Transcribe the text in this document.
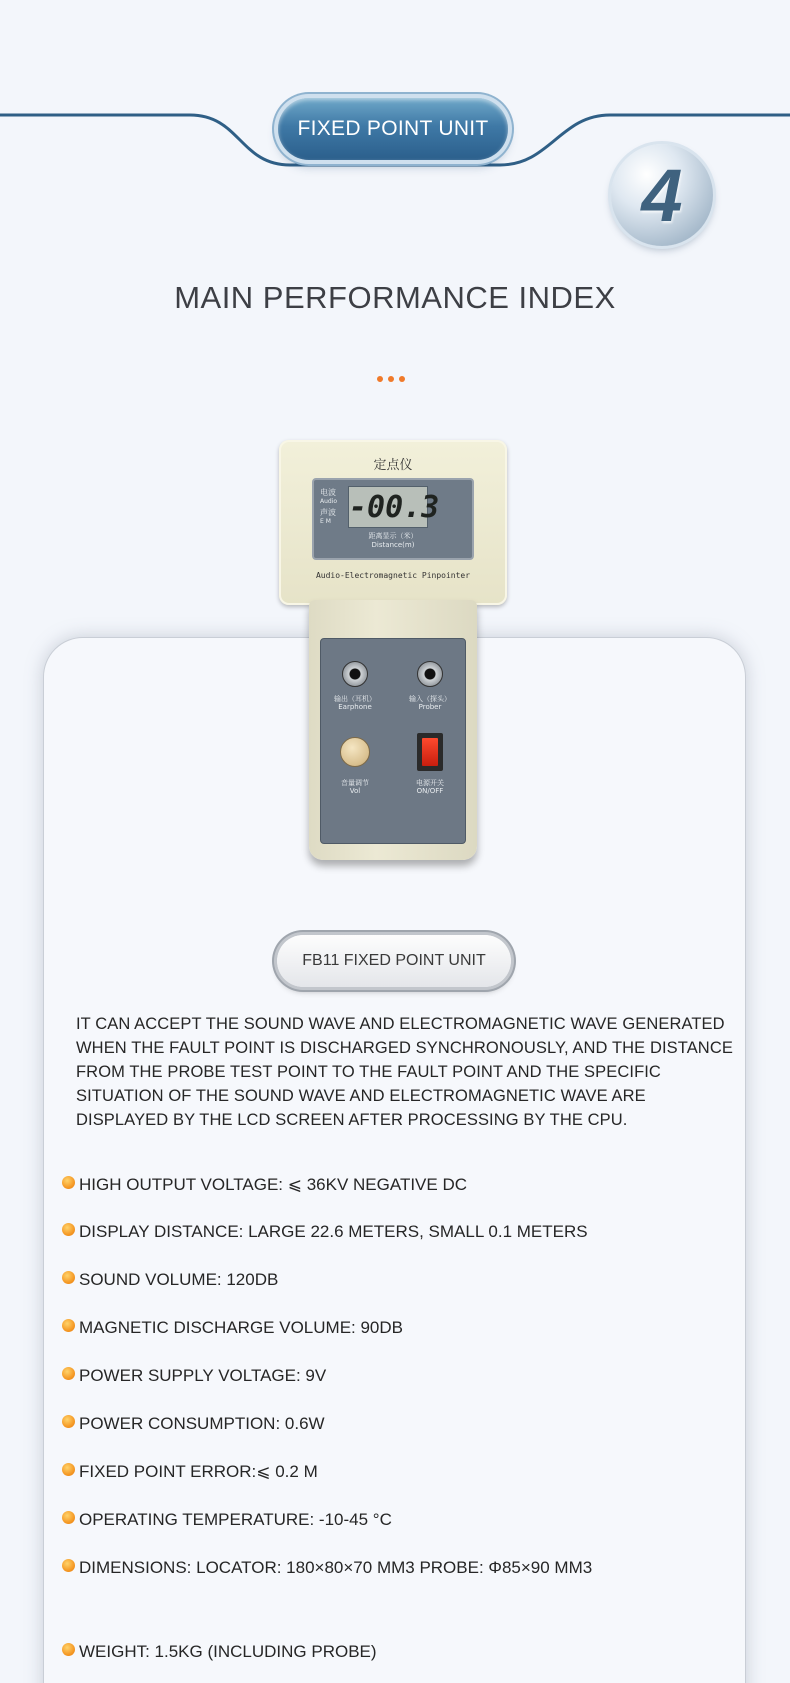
FIXED POINT UNIT
4
MAIN PERFORMANCE INDEX
定点仪
电波
Audio
声波
E M -00.3
距离显示（米）
Distance(m)
Audio-Electromagnetic Pinpointer
输出（耳机）
Earphone
输入（探头）
Prober
音量调节
Vol
电源开关
ON/OFF
FB11 FIXED POINT UNIT
IT CAN ACCEPT THE SOUND WAVE AND ELECTROMAGNETIC WAVE GENERATED WHEN THE FAULT POINT IS DISCHARGED SYNCHRONOUSLY, AND THE DISTANCE FROM THE PROBE TEST POINT TO THE FAULT POINT AND THE SPECIFIC SITUATION OF THE SOUND WAVE AND ELECTROMAGNETIC WAVE ARE DISPLAYED BY THE LCD SCREEN AFTER PROCESSING BY THE CPU.
HIGH OUTPUT VOLTAGE: ⩽ 36KV NEGATIVE DC
DISPLAY DISTANCE: LARGE 22.6 METERS, SMALL 0.1 METERS
SOUND VOLUME: 120DB
MAGNETIC DISCHARGE VOLUME: 90DB
POWER SUPPLY VOLTAGE: 9V
POWER CONSUMPTION: 0.6W
FIXED POINT ERROR:⩽ 0.2 M
OPERATING TEMPERATURE: -10-45 °C
DIMENSIONS: LOCATOR: 180×80×70 MM3 PROBE: Φ85×90 MM3
WEIGHT: 1.5KG (INCLUDING PROBE)
